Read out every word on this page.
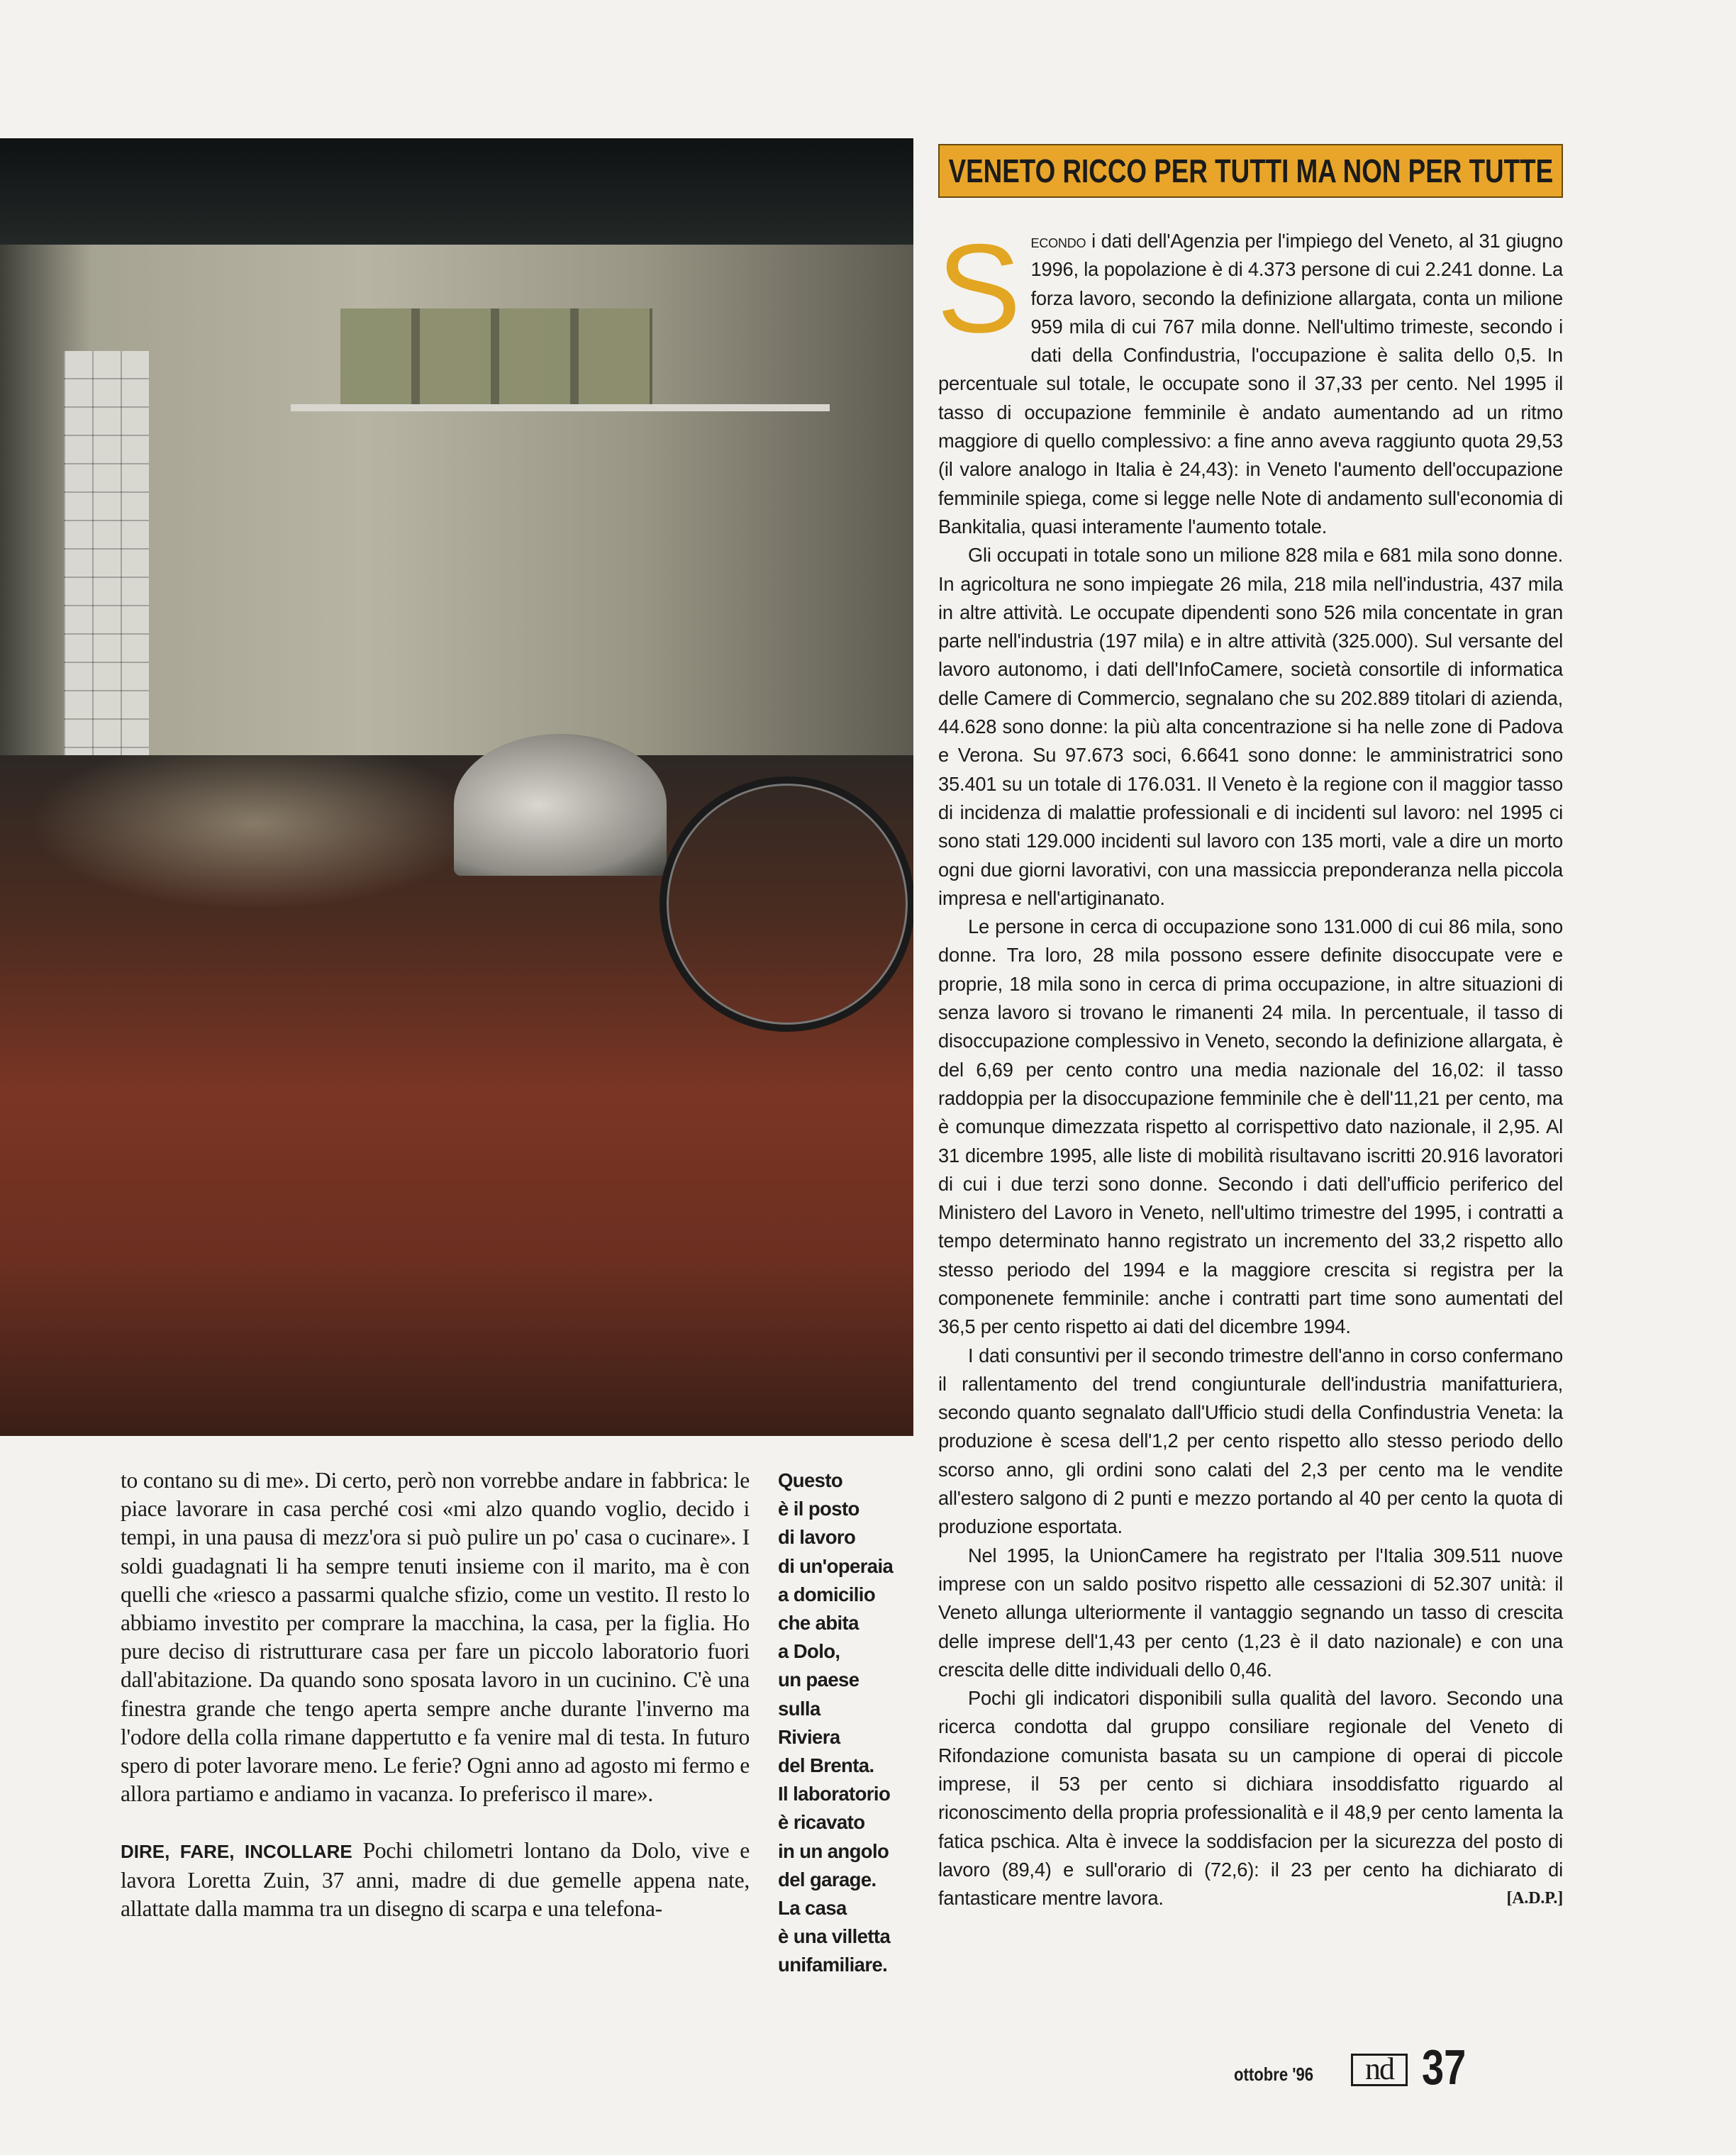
VENETO RICCO PER TUTTI MA NON PER TUTTE

Secondo i dati dell'Agenzia per l'impiego del Veneto, al 31 giugno 1996, la popolazione è di 4.373 persone di cui 2.241 donne. La forza lavoro, secondo la definizione allargata, conta un milione 959 mila di cui 767 mila donne. Nell'ultimo trimeste, secondo i dati della Confindustria, l'occupazione è salita dello 0,5. In percentuale sul totale, le occupate sono il 37,33 per cento. Nel 1995 il tasso di occupazione femminile è andato aumentando ad un ritmo maggiore di quello complessivo: a fine anno aveva raggiunto quota 29,53 (il valore analogo in Italia è 24,43): in Veneto l'aumento dell'occupazione femminile spiega, come si legge nelle Note di andamento sull'economia di Bankitalia, quasi interamente l'aumento totale.

Gli occupati in totale sono un milione 828 mila e 681 mila sono donne. In agricoltura ne sono impiegate 26 mila, 218 mila nell'industria, 437 mila in altre attività. Le occupate dipendenti sono 526 mila concentate in gran parte nell'industria (197 mila) e in altre attività (325.000). Sul versante del lavoro autonomo, i dati dell'InfoCamere, società consortile di informatica delle Camere di Commercio, segnalano che su 202.889 titolari di azienda, 44.628 sono donne: la più alta concentrazione si ha nelle zone di Padova e Verona. Su 97.673 soci, 6.6641 sono donne: le amministratrici sono 35.401 su un totale di 176.031. Il Veneto è la regione con il maggior tasso di incidenza di malattie professionali e di incidenti sul lavoro: nel 1995 ci sono stati 129.000 incidenti sul lavoro con 135 morti, vale a dire un morto ogni due giorni lavorativi, con una massiccia preponderanza nella piccola impresa e nell'artiginanato.

Le persone in cerca di occupazione sono 131.000 di cui 86 mila, sono donne. Tra loro, 28 mila possono essere definite disoccupate vere e proprie, 18 mila sono in cerca di prima occupazione, in altre situazioni di senza lavoro si trovano le rimanenti 24 mila. In percentuale, il tasso di disoccupazione complessivo in Veneto, secondo la definizione allargata, è del 6,69 per cento contro una media nazionale del 16,02: il tasso raddoppia per la disoccupazione femminile che è dell'11,21 per cento, ma è comunque dimezzata rispetto al corrispettivo dato nazionale, il 2,95. Al 31 dicembre 1995, alle liste di mobilità risultavano iscritti 20.916 lavoratori di cui i due terzi sono donne. Secondo i dati dell'ufficio periferico del Ministero del Lavoro in Veneto, nell'ultimo trimestre del 1995, i contratti a tempo determinato hanno registrato un incremento del 33,2 rispetto allo stesso periodo del 1994 e la maggiore crescita si registra per la componenete femminile: anche i contratti part time sono aumentati del 36,5 per cento rispetto ai dati del dicembre 1994.

I dati consuntivi per il secondo trimestre dell'anno in corso confermano il rallentamento del trend congiunturale dell'industria manifatturiera, secondo quanto segnalato dall'Ufficio studi della Confindustria Veneta: la produzione è scesa dell'1,2 per cento rispetto allo stesso periodo dello scorso anno, gli ordini sono calati del 2,3 per cento ma le vendite all'estero salgono di 2 punti e mezzo portando al 40 per cento la quota di produzione esportata.

Nel 1995, la UnionCamere ha registrato per l'Italia 309.511 nuove imprese con un saldo positvo rispetto alle cessazioni di 52.307 unità: il Veneto allunga ulteriormente il vantaggio segnando un tasso di crescita delle imprese dell'1,43 per cento (1,23 è il dato nazionale) e con una crescita delle ditte individuali dello 0,46.

Pochi gli indicatori disponibili sulla qualità del lavoro. Secondo una ricerca condotta dal gruppo consiliare regionale del Veneto di Rifondazione comunista basata su un campione di operai di piccole imprese, il 53 per cento si dichiara insoddisfatto riguardo al riconoscimento della propria professionalità e il 48,9 per cento lamenta la fatica pschica. Alta è invece la soddisfacion per la sicurezza del posto di lavoro (89,4) e sull'orario di (72,6): il 23 per cento ha dichiarato di fantasticare mentre lavora.	[A.D.P.]

to contano su di me». Di certo, però non vorrebbe andare in fabbrica: le piace lavorare in casa perché cosi «mi alzo quando voglio, decido i tempi, in una pausa di mezz'ora si può pulire un po' casa o cucinare». I soldi guadagnati li ha sempre tenuti insieme con il marito, ma è con quelli che «riesco a passarmi qualche sfizio, come un vestito. Il resto lo abbiamo investito per comprare la macchina, la casa, per la figlia. Ho pure deciso di ristrutturare casa per fare un piccolo laboratorio fuori dall'abitazione. Da quando sono sposata lavoro in un cucinino. C'è una finestra grande che tengo aperta sempre anche durante l'inverno ma l'odore della colla rimane dappertutto e fa venire mal di testa. In futuro spero di poter lavorare meno. Le ferie? Ogni anno ad agosto mi fermo e allora partiamo e andiamo in vacanza. Io preferisco il mare».

DIRE, FARE, INCOLLARE Pochi chilometri lontano da Dolo, vive e lavora Loretta Zuin, 37 anni, madre di due gemelle appena nate, allattate dalla mamma tra un disegno di scarpa e una telefona-

Questo
è il posto
di lavoro
di un'operaia
a domicilio
che abita
a Dolo,
un paese
sulla
Riviera
del Brenta.
Il laboratorio
è ricavato
in un angolo
del garage.
La casa
è una villetta
unifamiliare.
ottobre '96	nd 37
